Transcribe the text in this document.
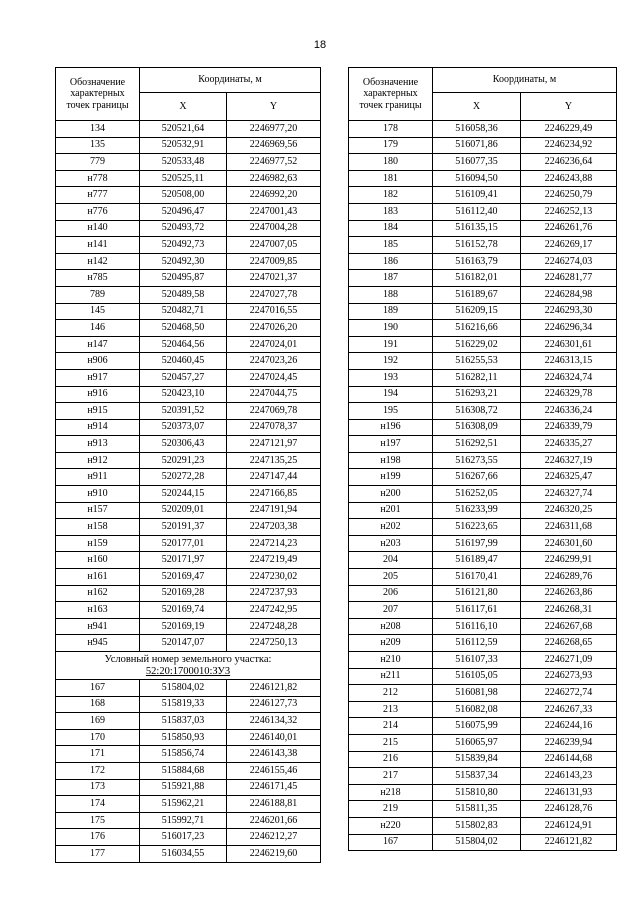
18
Обозначение характерных точек границы	Координаты, м	
	X	Y
134	520521,64	2246977,20
135	520532,91	2246969,56
779	520533,48	2246977,52
н778	520525,11	2246982,63
н777	520508,00	2246992,20
н776	520496,47	2247001,43
н140	520493,72	2247004,28
н141	520492,73	2247007,05
н142	520492,30	2247009,85
н785	520495,87	2247021,37
789	520489,58	2247027,78
145	520482,71	2247016,55
146	520468,50	2247026,20
н147	520464,56	2247024,01
н906	520460,45	2247023,26
н917	520457,27	2247024,45
н916	520423,10	2247044,75
н915	520391,52	2247069,78
н914	520373,07	2247078,37
н913	520306,43	2247121,97
н912	520291,23	2247135,25
н911	520272,28	2247147,44
н910	520244,15	2247166,85
н157	520209,01	2247191,94
н158	520191,37	2247203,38
н159	520177,01	2247214,23
н160	520171,97	2247219,49
н161	520169,47	2247230,02
н162	520169,28	2247237,93
н163	520169,74	2247242,95
н941	520169,19	2247248,28
н945	520147,07	2247250,13
Условный номер земельного участка:
52:20:1700010:ЗУ3		
167	515804,02	2246121,82
168	515819,33	2246127,73
169	515837,03	2246134,32
170	515850,93	2246140,01
171	515856,74	2246143,38
172	515884,68	2246155,46
173	515921,88	2246171,45
174	515962,21	2246188,81
175	515992,71	2246201,66
176	516017,23	2246212,27
177	516034,55	2246219,60
Обозначение характерных точек границы	Координаты, м	
	X	Y
178	516058,36	2246229,49
179	516071,86	2246234,92
180	516077,35	2246236,64
181	516094,50	2246243,88
182	516109,41	2246250,79
183	516112,40	2246252,13
184	516135,15	2246261,76
185	516152,78	2246269,17
186	516163,79	2246274,03
187	516182,01	2246281,77
188	516189,67	2246284,98
189	516209,15	2246293,30
190	516216,66	2246296,34
191	516229,02	2246301,61
192	516255,53	2246313,15
193	516282,11	2246324,74
194	516293,21	2246329,78
195	516308,72	2246336,24
н196	516308,09	2246339,79
н197	516292,51	2246335,27
н198	516273,55	2246327,19
н199	516267,66	2246325,47
н200	516252,05	2246327,74
н201	516233,99	2246320,25
н202	516223,65	2246311,68
н203	516197,99	2246301,60
204	516189,47	2246299,91
205	516170,41	2246289,76
206	516121,80	2246263,86
207	516117,61	2246268,31
н208	516116,10	2246267,68
н209	516112,59	2246268,65
н210	516107,33	2246271,09
н211	516105,05	2246273,93
212	516081,98	2246272,74
213	516082,08	2246267,33
214	516075,99	2246244,16
215	516065,97	2246239,94
216	515839,84	2246144,68
217	515837,34	2246143,23
н218	515810,80	2246131,93
219	515811,35	2246128,76
н220	515802,83	2246124,91
167	515804,02	2246121,82
